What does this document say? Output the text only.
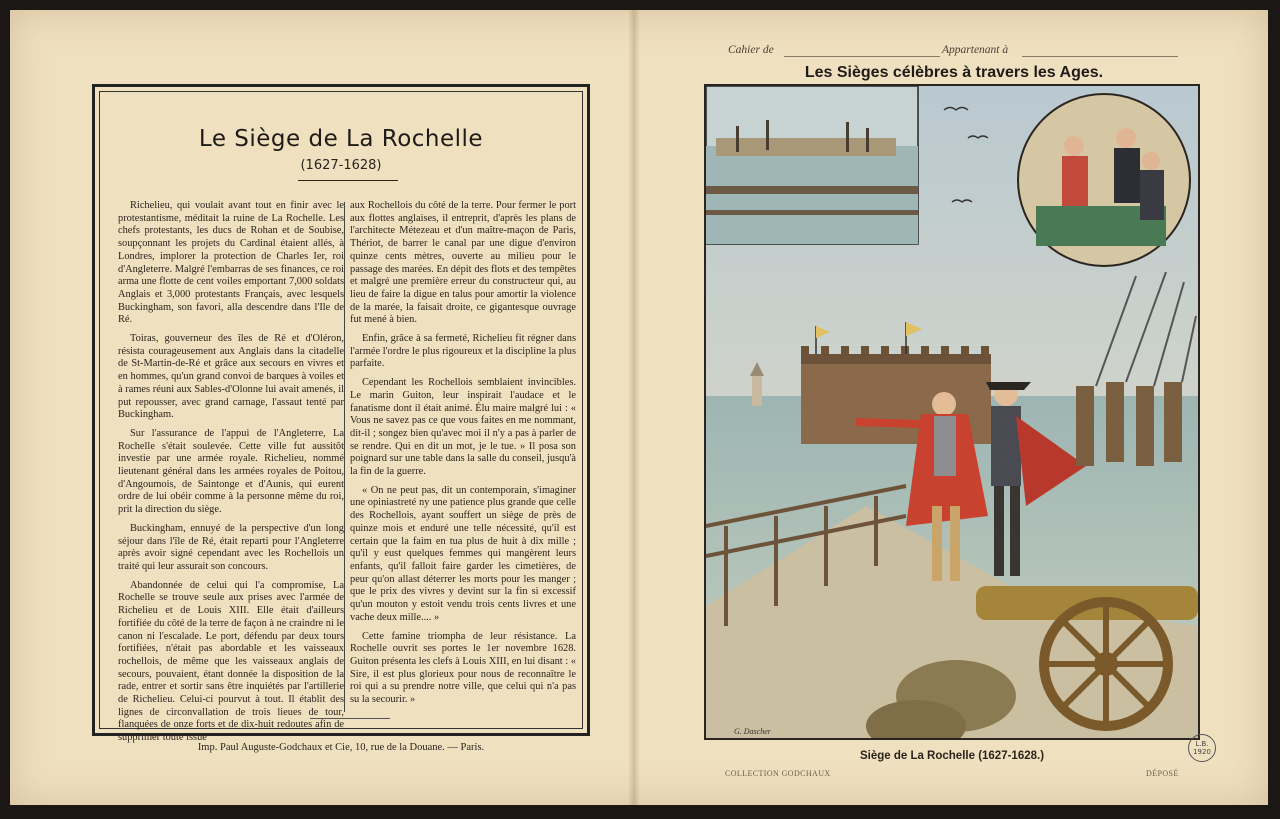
Le Siège de La Rochelle
(1627-1628)

Richelieu, qui voulait avant tout en finir avec le protestantisme, méditait la ruine de La Rochelle. Les chefs protestants, les ducs de Rohan et de Soubise, soupçonnant les projets du Cardinal étaient allés, à Londres, implorer la protection de Charles Ier, roi d'Angleterre. Malgré l'embarras de ses finances, ce roi arma une flotte de cent voiles emportant 7,000 soldats Anglais et 3,000 protestants Français, avec lesquels Buckingham, son favori, alla descendre dans l'Ile de Ré.

Toiras, gouverneur des îles de Ré et d'Oléron, résista courageusement aux Anglais dans la citadelle de St-Martin-de-Ré et grâce aux secours en vivres et en hommes, qu'un grand convoi de barques à voiles et à rames réuni aux Sables-d'Olonne lui avait amenés, il put repousser, avec grand carnage, l'assaut tenté par Buckingham.

Sur l'assurance de l'appui de l'Angleterre, La Rochelle s'était soulevée. Cette ville fut aussitôt investie par une armée royale. Richelieu, nommé lieutenant général dans les armées royales de Poitou, d'Angoumois, de Saintonge et d'Aunis, qui eurent ordre de lui obéir comme à la personne même du roi, prit la direction du siège.

Buckingham, ennuyé de la perspective d'un long séjour dans l'île de Ré, était reparti pour l'Angleterre après avoir signé cependant avec les Rochellois un traité qui leur assurait son concours.

Abandonnée de celui qui l'a compromise, La Rochelle se trouve seule aux prises avec l'armée de Richelieu et de Louis XIII. Elle était d'ailleurs fortifiée du côté de la terre de façon à ne craindre ni le canon ni l'escalade. Le port, défendu par deux tours fortifiées, n'était pas abordable et les vaisseaux rochellois, de même que les vaisseaux anglais de secours, pouvaient, étant donnée la disposition de la rade, entrer et sortir sans être inquiétés par l'artillerie de Richelieu. Celui-ci pourvut à tout. Il établit des lignes de circonvallation de trois lieues de tour, flanquées de onze forts et de dix-huit redoutes afin de supprimer toute issue

aux Rochellois du côté de la terre. Pour fermer le port aux flottes anglaises, il entreprit, d'après les plans de l'architecte Métezeau et d'un maître-maçon de Paris, Thériot, de barrer le canal par une digue d'environ quinze cents mètres, ouverte au milieu pour le passage des marées. En dépit des flots et des tempêtes et malgré une première erreur du constructeur qui, au lieu de faire la digue en talus pour amortir la violence de la marée, la faisait droite, ce gigantesque ouvrage fut mené à bien.

Enfin, grâce à sa fermeté, Richelieu fit régner dans l'armée l'ordre le plus rigoureux et la discipline la plus parfaite.

Cependant les Rochellois semblaient invincibles. Le marin Guiton, leur inspirait l'audace et le fanatisme dont il était animé. Élu maire malgré lui : « Vous ne savez pas ce que vous faites en me nommant, dit-il ; songez bien qu'avec moi il n'y a pas à parler de se rendre. Qui en dit un mot, je le tue. » Il posa son poignard sur une table dans la salle du conseil, jusqu'à la fin de la guerre.

« On ne peut pas, dit un contemporain, s'imaginer une opiniastreté ny une patience plus grande que celle des Rochellois, ayant souffert un siège de près de quinze mois et enduré une telle nécessité, qu'il est certain que la faim en tua plus de huit à dix mille ; qu'il y eust quelques femmes qui mangèrent leurs enfants, qu'il falloit faire garder les cimetières, de peur qu'on allast déterrer les morts pour les manger ; que le prix des vivres y devint sur la fin si excessif qu'un mouton y estoit vendu trois cents livres et une vache deux mille.... »

Cette famine triompha de leur résistance. La Rochelle ouvrit ses portes le 1er novembre 1628. Guiton présenta les clefs à Louis XIII, en lui disant : « Sire, il est plus glorieux pour nous de reconnaître le roi qui a su prendre notre ville, que celui qui n'a pas su la secourir. »

Imp. Paul Auguste-Godchaux et Cie, 10, rue de la Douane. — Paris.
Cahier de	Appartenant à
Les Sièges célèbres à travers les Ages.
G. Dascher
Siège de La Rochelle (1627-1628.)
COLLECTION GODCHAUX	DÉPOSÉ
L.B. 1920
